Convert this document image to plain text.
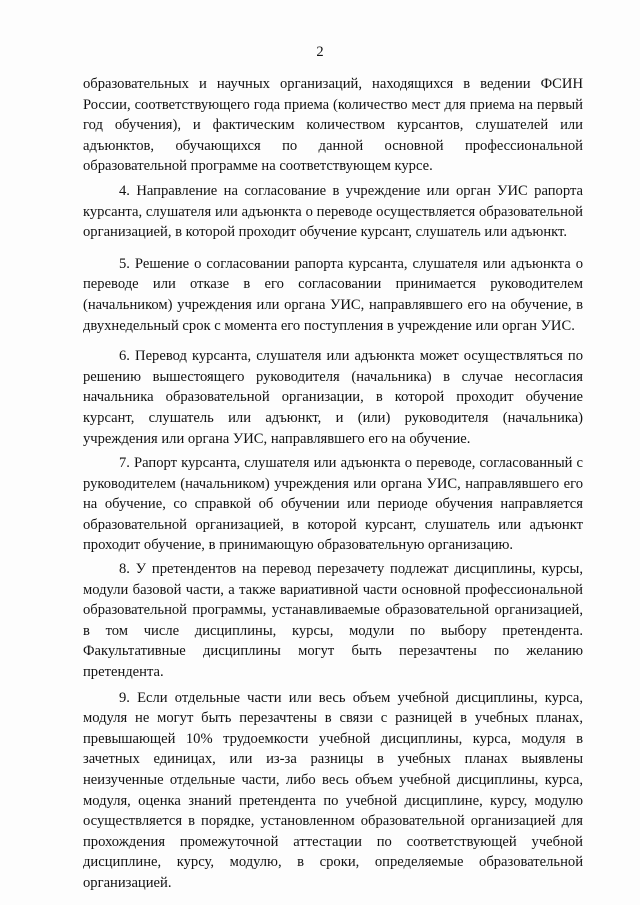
2

образовательных и научных организаций, находящихся в ведении ФСИН России, соответствующего года приема (количество мест для приема на первый год обучения), и фактическим количеством курсантов, слушателей или адъюнктов, обучающихся по данной основной профессиональной образовательной программе на соответствующем курсе.

4. Направление на согласование в учреждение или орган УИС рапорта курсанта, слушателя или адъюнкта о переводе осуществляется образовательной организацией, в которой проходит обучение курсант, слушатель или адъюнкт.

5. Решение о согласовании рапорта курсанта, слушателя или адъюнкта о переводе или отказе в его согласовании принимается руководителем (начальником) учреждения или органа УИС, направлявшего его на обучение, в двухнедельный срок с момента его поступления в учреждение или орган УИС.

6. Перевод курсанта, слушателя или адъюнкта может осуществляться по решению вышестоящего руководителя (начальника) в случае несогласия начальника образовательной организации, в которой проходит обучение курсант, слушатель или адъюнкт, и (или) руководителя (начальника) учреждения или органа УИС, направлявшего его на обучение.

7. Рапорт курсанта, слушателя или адъюнкта о переводе, согласованный с руководителем (начальником) учреждения или органа УИС, направлявшего его на обучение, со справкой об обучении или периоде обучения направляется образовательной организацией, в которой курсант, слушатель или адъюнкт проходит обучение, в принимающую образовательную организацию.

8. У претендентов на перевод перезачету подлежат дисциплины, курсы, модули базовой части, а также вариативной части основной профессиональной образовательной программы, устанавливаемые образовательной организацией, в том числе дисциплины, курсы, модули по выбору претендента. Факультативные дисциплины могут быть перезачтены по желанию претендента.

9. Если отдельные части или весь объем учебной дисциплины, курса, модуля не могут быть перезачтены в связи с разницей в учебных планах, превышающей 10% трудоемкости учебной дисциплины, курса, модуля в зачетных единицах, или из-за разницы в учебных планах выявлены неизученные отдельные части, либо весь объем учебной дисциплины, курса, модуля, оценка знаний претендента по учебной дисциплине, курсу, модулю осуществляется в порядке, установленном образовательной организацией для прохождения промежуточной аттестации по соответствующей учебной дисциплине, курсу, модулю, в сроки, определяемые образовательной организацией.
